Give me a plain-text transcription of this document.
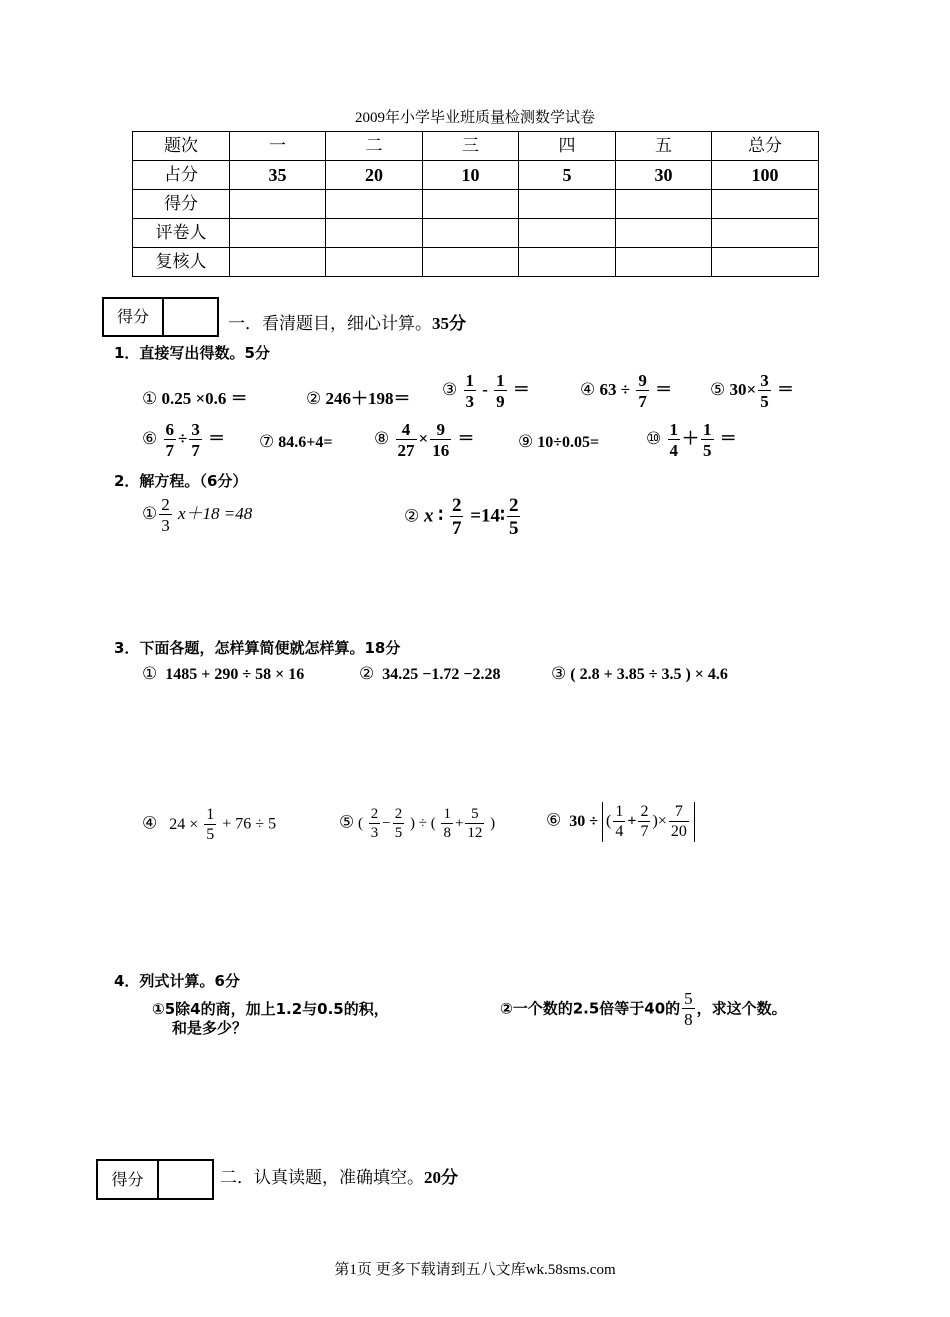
2009年小学毕业班质量检测数学试卷
题次	一	二	三	四	五	总分
占分	35	20	10	5	30	100
得分						
评卷人						
复核人						
得分	一．看清题目，细心计算。35分
1．直接写出得数。5分
① 0.25 ×0.6 ＝	② 246＋198＝ ③ $\frac{1}{3} - \frac{1}{9}$ ＝	④ $63 \div \frac{9}{7}$ ＝ ⑤ $30\times \frac{3}{5}$ ＝
⑥ $\frac{6}{7} \div \frac{3}{7}$ ＝ ⑦ 84.6+4= ⑧ $\frac{4}{27} \times \frac{9}{16}$ ＝	⑨ 10÷0.05=	⑩ $\frac{1}{4} + \frac{1}{5}$ ＝
2．解方程。（6分）
① $\frac{2}{3} x+18 =48$	② x ∶ $\frac{2}{7}$ =14∶ $\frac{2}{5}$
3．下面各题，怎样算简便就怎样算。18分
① 1485 + 290 ÷ 58 × 16	② 34.25 −1.72 −2.28	③ ( 2.8 + 3.85 ÷ 3.5 ) × 4.6
④ $24 \times \frac{1}{5} + 76 \div 5$	⑤ ( $\frac{2}{3} - \frac{2}{5}$ ) ÷ ( $\frac{1}{8} + \frac{5}{12}$ )	⑥ 30 ÷ ( $\frac{1}{4} + \frac{2}{7}$ )× $\frac{7}{20}$
4．列式计算。6分
①5除4的商，加上1.2与0.5的积，
和是多少？
②一个数的2.5倍等于40的 $\frac{5}{8}$ ，求这个数。
得分	二．认真读题，准确填空。20分
第1页 更多下载请到五八文库wk.58sms.com
